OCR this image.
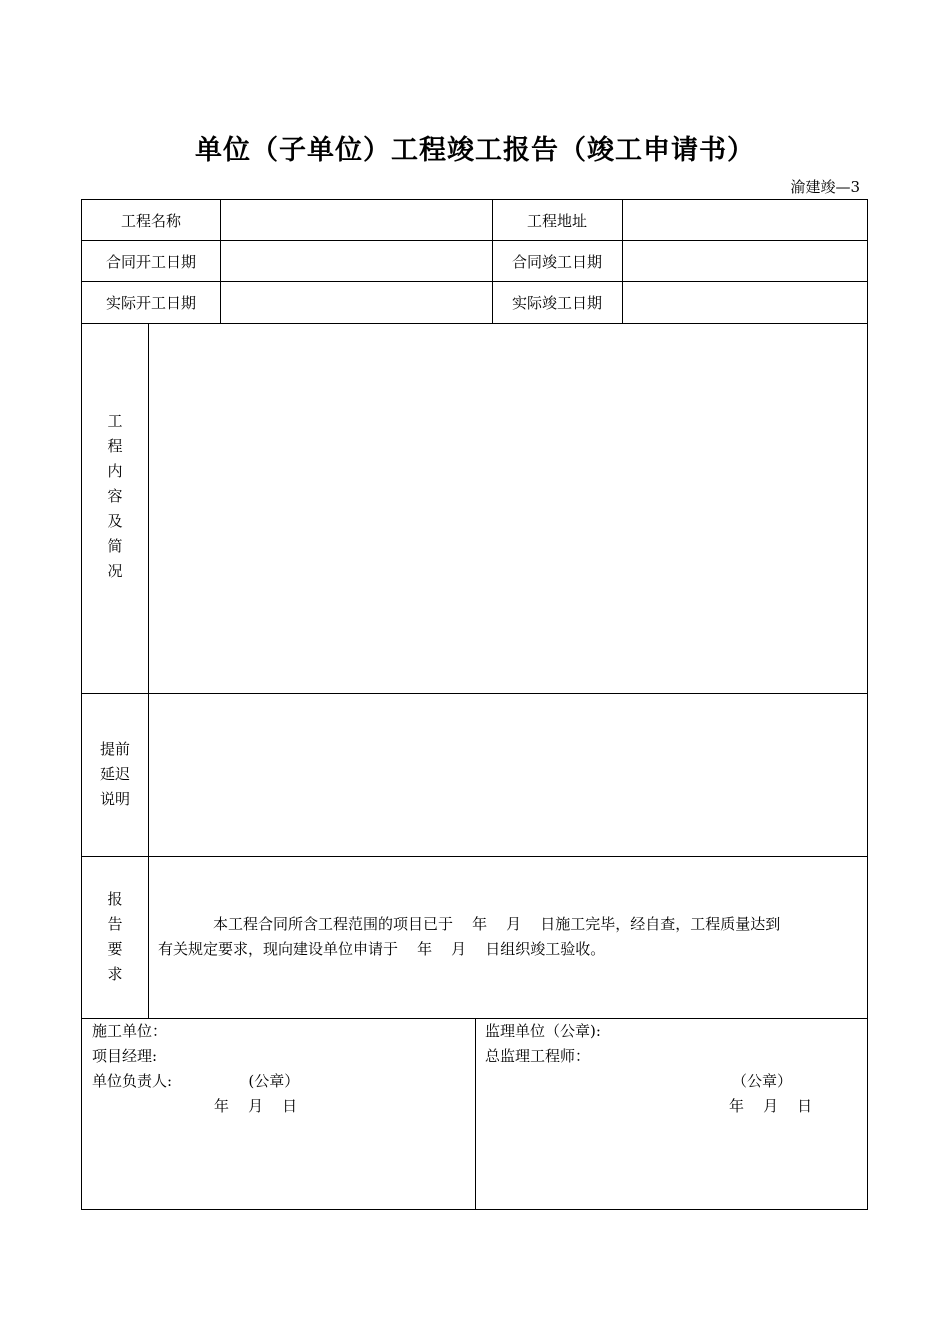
单位（子单位）工程竣工报告（竣工申请书）
渝建竣—3
工程名称	工程地址
合同开工日期	合同竣工日期
实际开工日期	实际竣工日期
工
程
内
容
及
简
况
提前
延迟
说明
报
告
要
求
本工程合同所含工程范围的项目已于    年    月    日施工完毕，经自查，工程质量达到
有关规定要求，现向建设单位申请于    年    月    日组织竣工验收。
施工单位：
项目经理:
单位负责人:                (公章）
年    月    日
监理单位（公章):
总监理工程师：
（公章）
年    月    日
